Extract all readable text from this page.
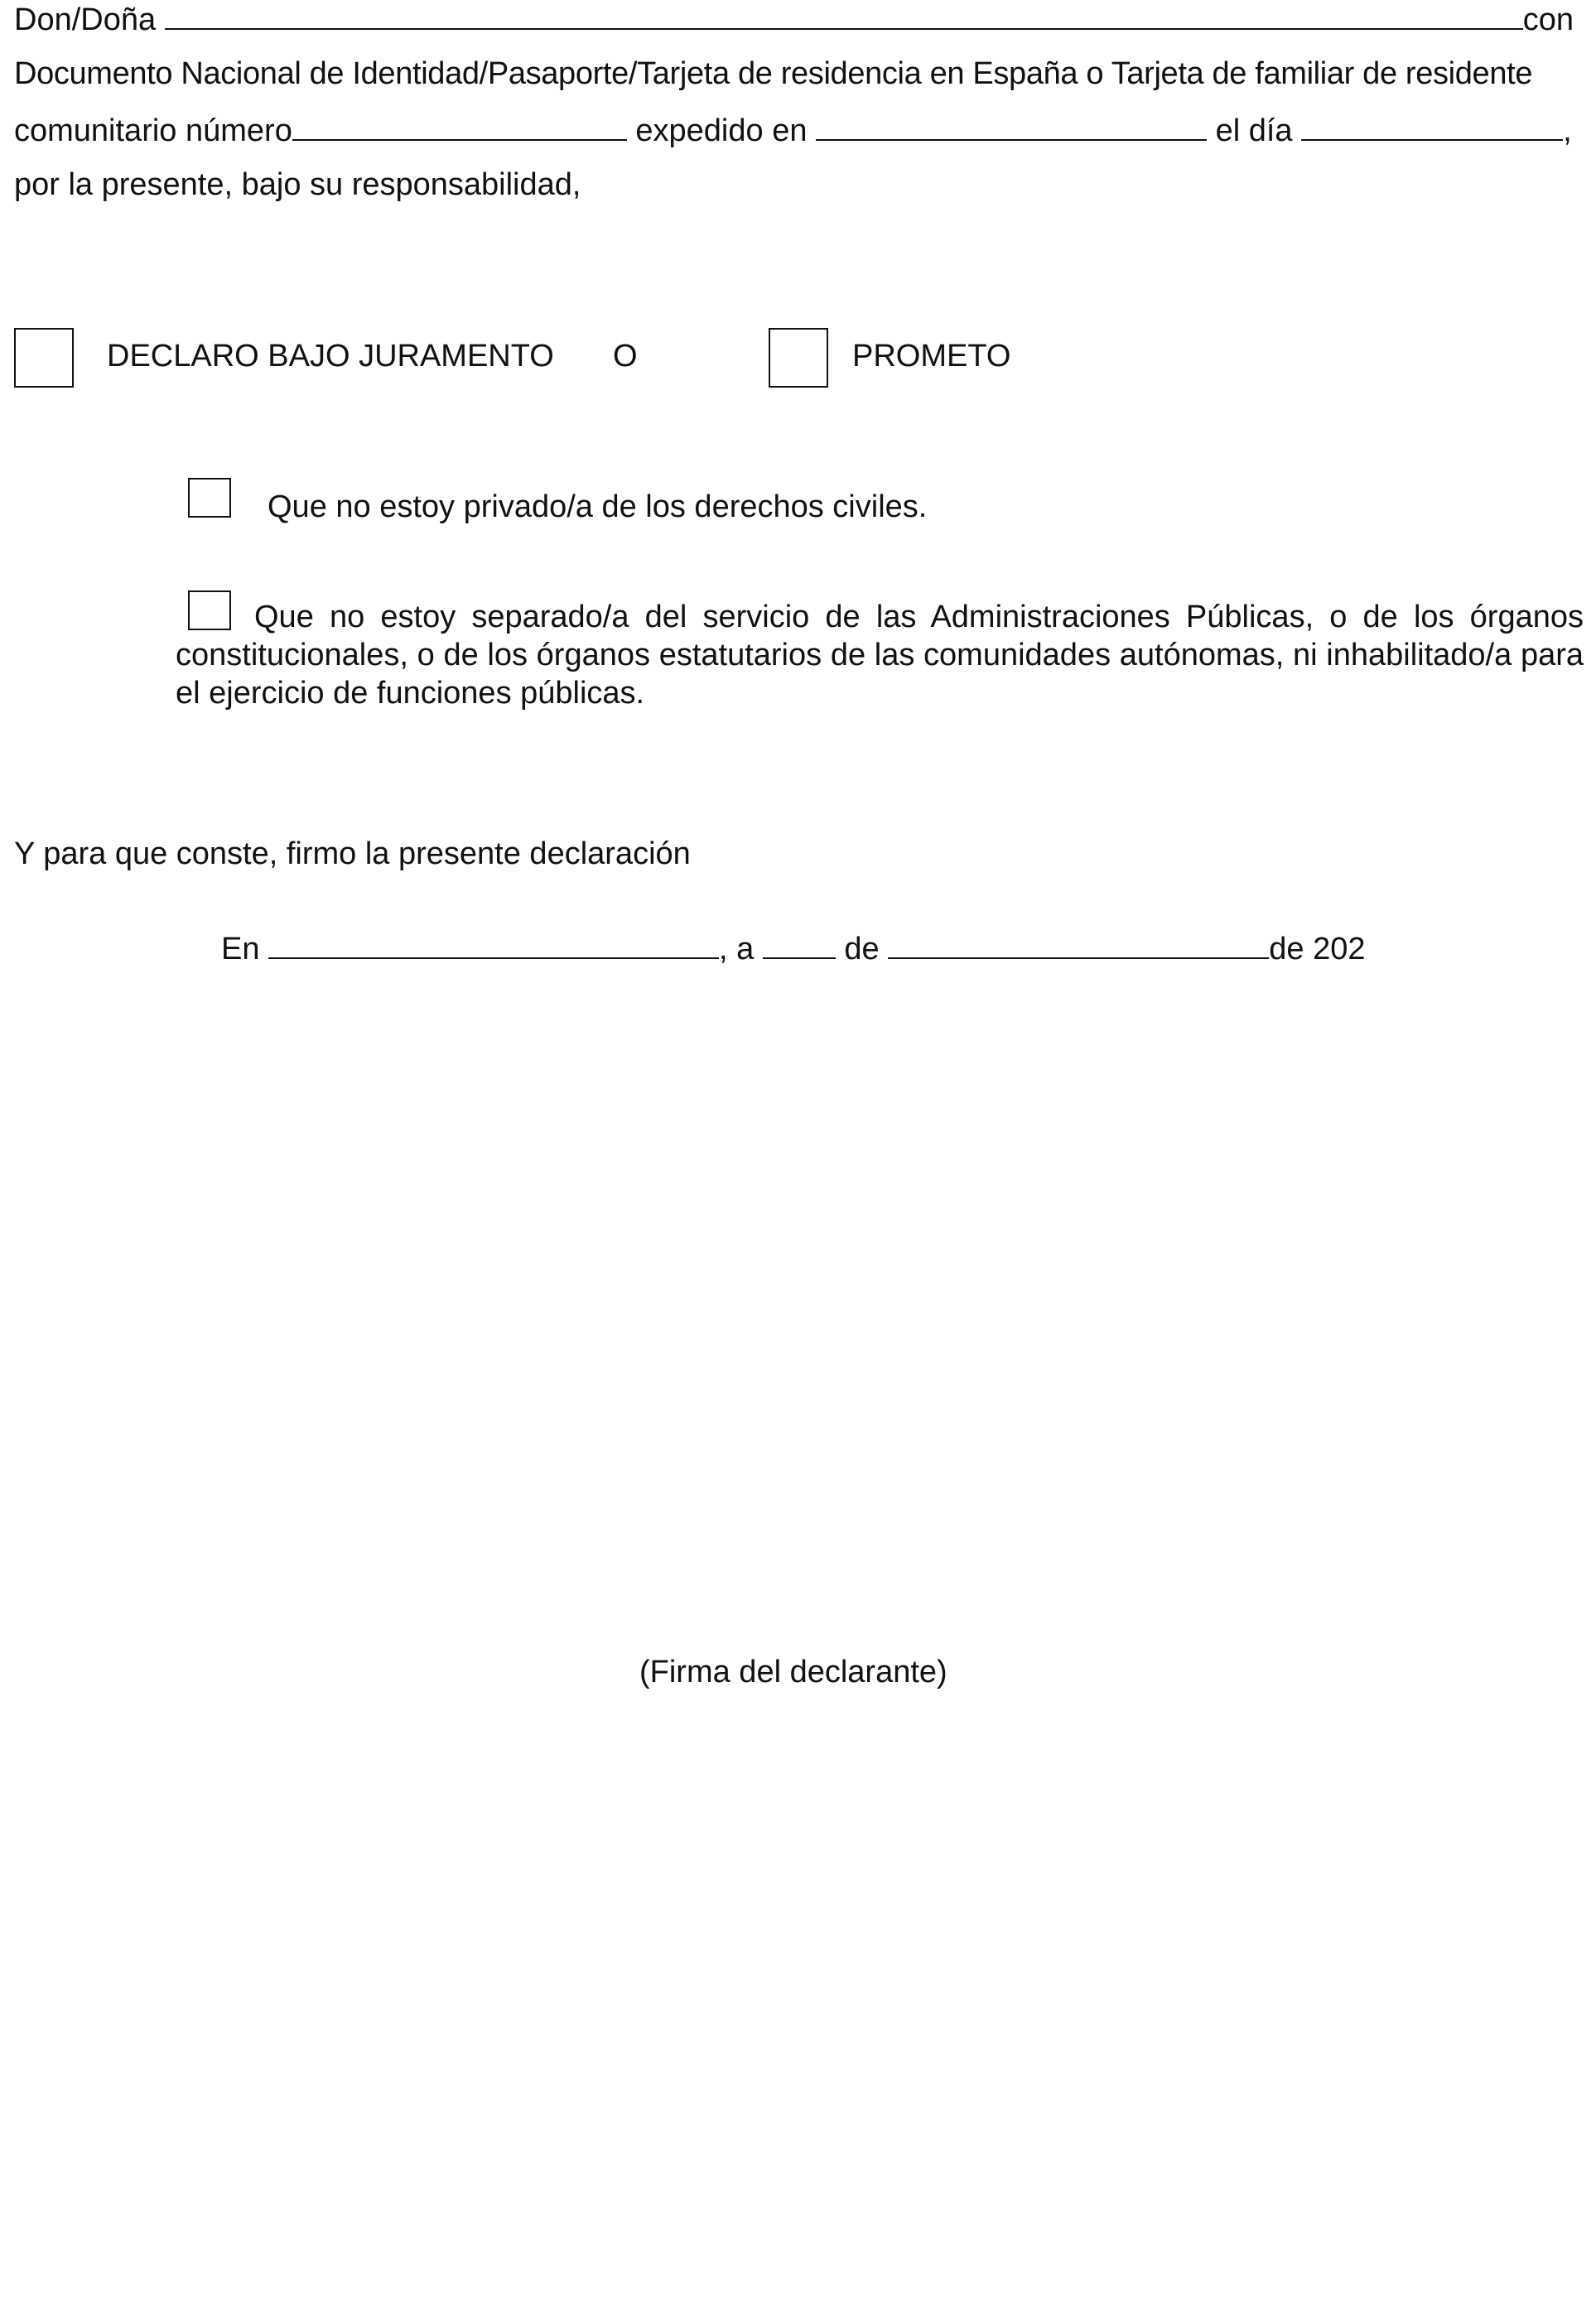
Don/Doña	con
Documento Nacional de Identidad/Pasaporte/Tarjeta de residencia en España o Tarjeta de familiar de residente
comunitario número	expedido en	el día	,
por la presente, bajo su responsabilidad,
DECLARO BAJO JURAMENTO O	PROMETO
Que no estoy privado/a de los derechos civiles.
Que no estoy separado/a del servicio de las Administraciones Públicas, o de los órganos constitucionales, o de los órganos estatutarios de las comunidades autónomas, ni inhabilitado/a para el ejercicio de funciones públicas.
Y para que conste, firmo la presente declaración
En	, a	de	de 202
(Firma del declarante)
